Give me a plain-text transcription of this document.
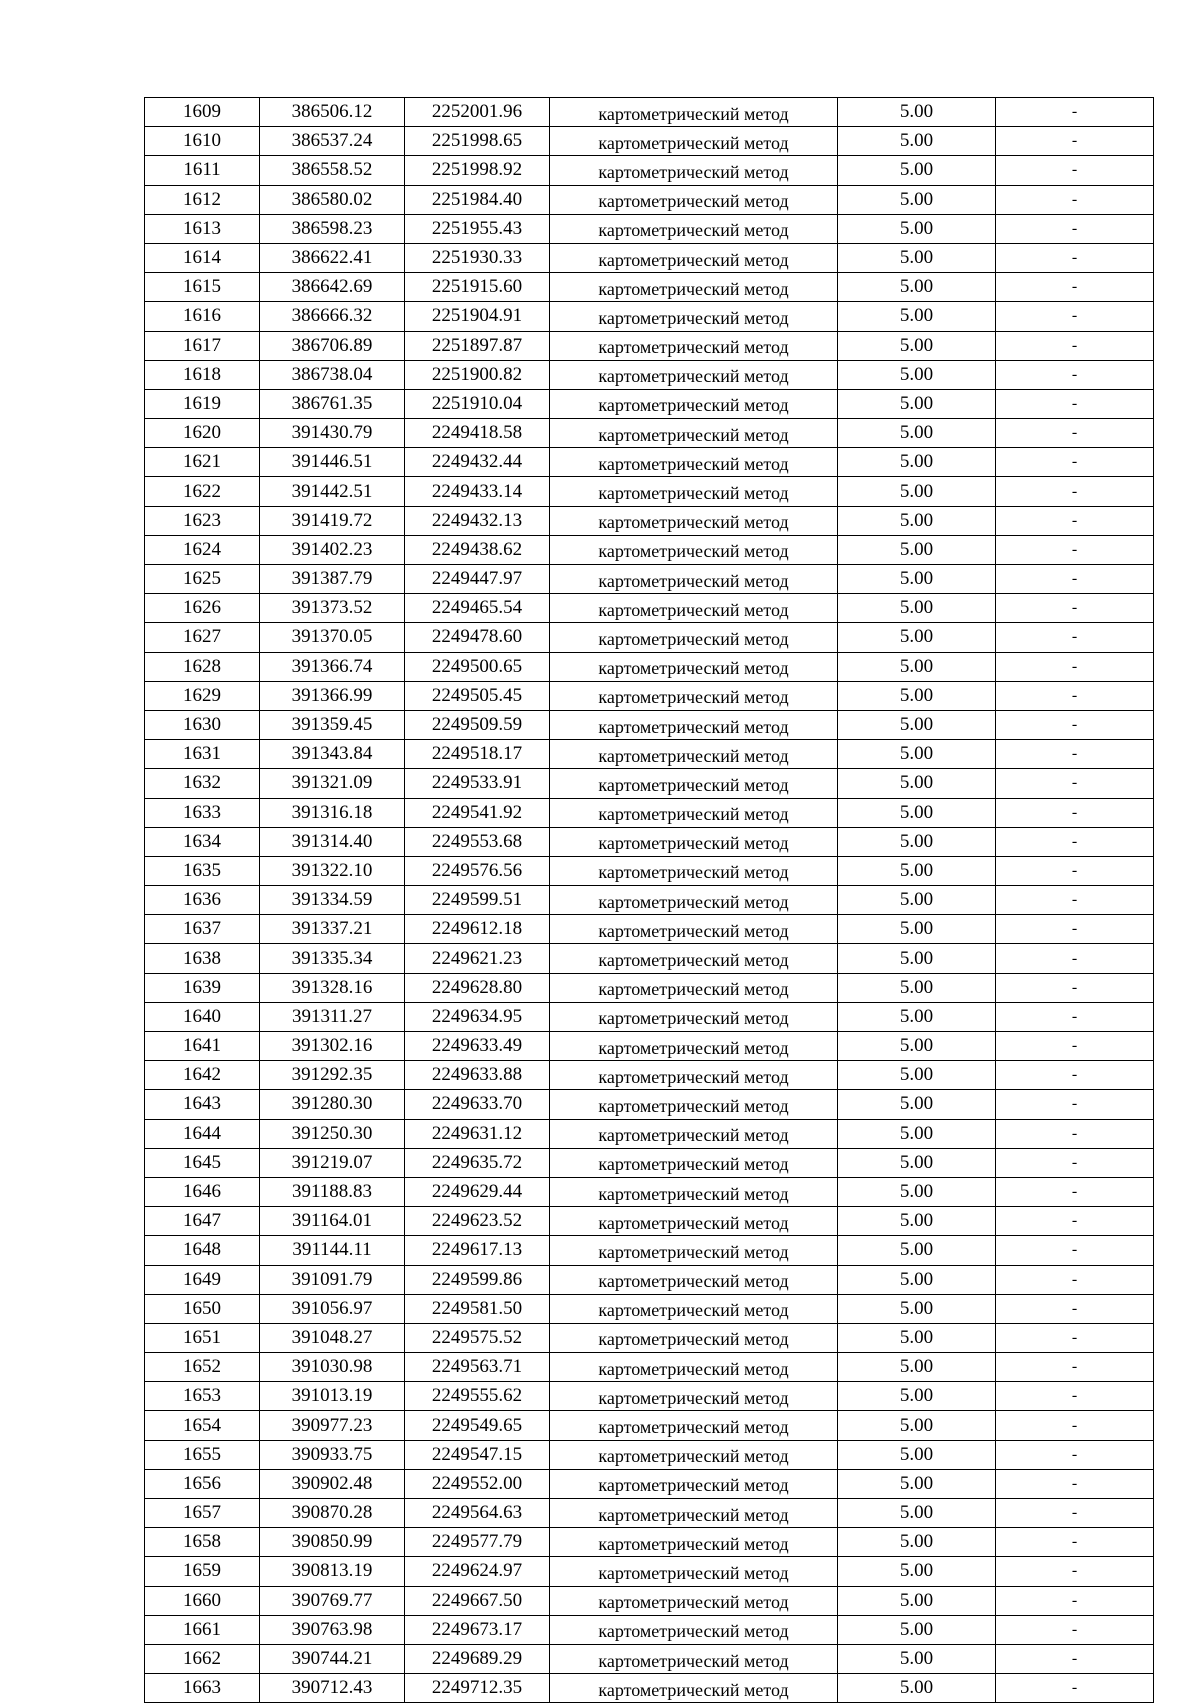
1609	386506.12	2252001.96	картометрический метод	5.00	-
1610	386537.24	2251998.65	картометрический метод	5.00	-
1611	386558.52	2251998.92	картометрический метод	5.00	-
1612	386580.02	2251984.40	картометрический метод	5.00	-
1613	386598.23	2251955.43	картометрический метод	5.00	-
1614	386622.41	2251930.33	картометрический метод	5.00	-
1615	386642.69	2251915.60	картометрический метод	5.00	-
1616	386666.32	2251904.91	картометрический метод	5.00	-
1617	386706.89	2251897.87	картометрический метод	5.00	-
1618	386738.04	2251900.82	картометрический метод	5.00	-
1619	386761.35	2251910.04	картометрический метод	5.00	-
1620	391430.79	2249418.58	картометрический метод	5.00	-
1621	391446.51	2249432.44	картометрический метод	5.00	-
1622	391442.51	2249433.14	картометрический метод	5.00	-
1623	391419.72	2249432.13	картометрический метод	5.00	-
1624	391402.23	2249438.62	картометрический метод	5.00	-
1625	391387.79	2249447.97	картометрический метод	5.00	-
1626	391373.52	2249465.54	картометрический метод	5.00	-
1627	391370.05	2249478.60	картометрический метод	5.00	-
1628	391366.74	2249500.65	картометрический метод	5.00	-
1629	391366.99	2249505.45	картометрический метод	5.00	-
1630	391359.45	2249509.59	картометрический метод	5.00	-
1631	391343.84	2249518.17	картометрический метод	5.00	-
1632	391321.09	2249533.91	картометрический метод	5.00	-
1633	391316.18	2249541.92	картометрический метод	5.00	-
1634	391314.40	2249553.68	картометрический метод	5.00	-
1635	391322.10	2249576.56	картометрический метод	5.00	-
1636	391334.59	2249599.51	картометрический метод	5.00	-
1637	391337.21	2249612.18	картометрический метод	5.00	-
1638	391335.34	2249621.23	картометрический метод	5.00	-
1639	391328.16	2249628.80	картометрический метод	5.00	-
1640	391311.27	2249634.95	картометрический метод	5.00	-
1641	391302.16	2249633.49	картометрический метод	5.00	-
1642	391292.35	2249633.88	картометрический метод	5.00	-
1643	391280.30	2249633.70	картометрический метод	5.00	-
1644	391250.30	2249631.12	картометрический метод	5.00	-
1645	391219.07	2249635.72	картометрический метод	5.00	-
1646	391188.83	2249629.44	картометрический метод	5.00	-
1647	391164.01	2249623.52	картометрический метод	5.00	-
1648	391144.11	2249617.13	картометрический метод	5.00	-
1649	391091.79	2249599.86	картометрический метод	5.00	-
1650	391056.97	2249581.50	картометрический метод	5.00	-
1651	391048.27	2249575.52	картометрический метод	5.00	-
1652	391030.98	2249563.71	картометрический метод	5.00	-
1653	391013.19	2249555.62	картометрический метод	5.00	-
1654	390977.23	2249549.65	картометрический метод	5.00	-
1655	390933.75	2249547.15	картометрический метод	5.00	-
1656	390902.48	2249552.00	картометрический метод	5.00	-
1657	390870.28	2249564.63	картометрический метод	5.00	-
1658	390850.99	2249577.79	картометрический метод	5.00	-
1659	390813.19	2249624.97	картометрический метод	5.00	-
1660	390769.77	2249667.50	картометрический метод	5.00	-
1661	390763.98	2249673.17	картометрический метод	5.00	-
1662	390744.21	2249689.29	картометрический метод	5.00	-
1663	390712.43	2249712.35	картометрический метод	5.00	-
